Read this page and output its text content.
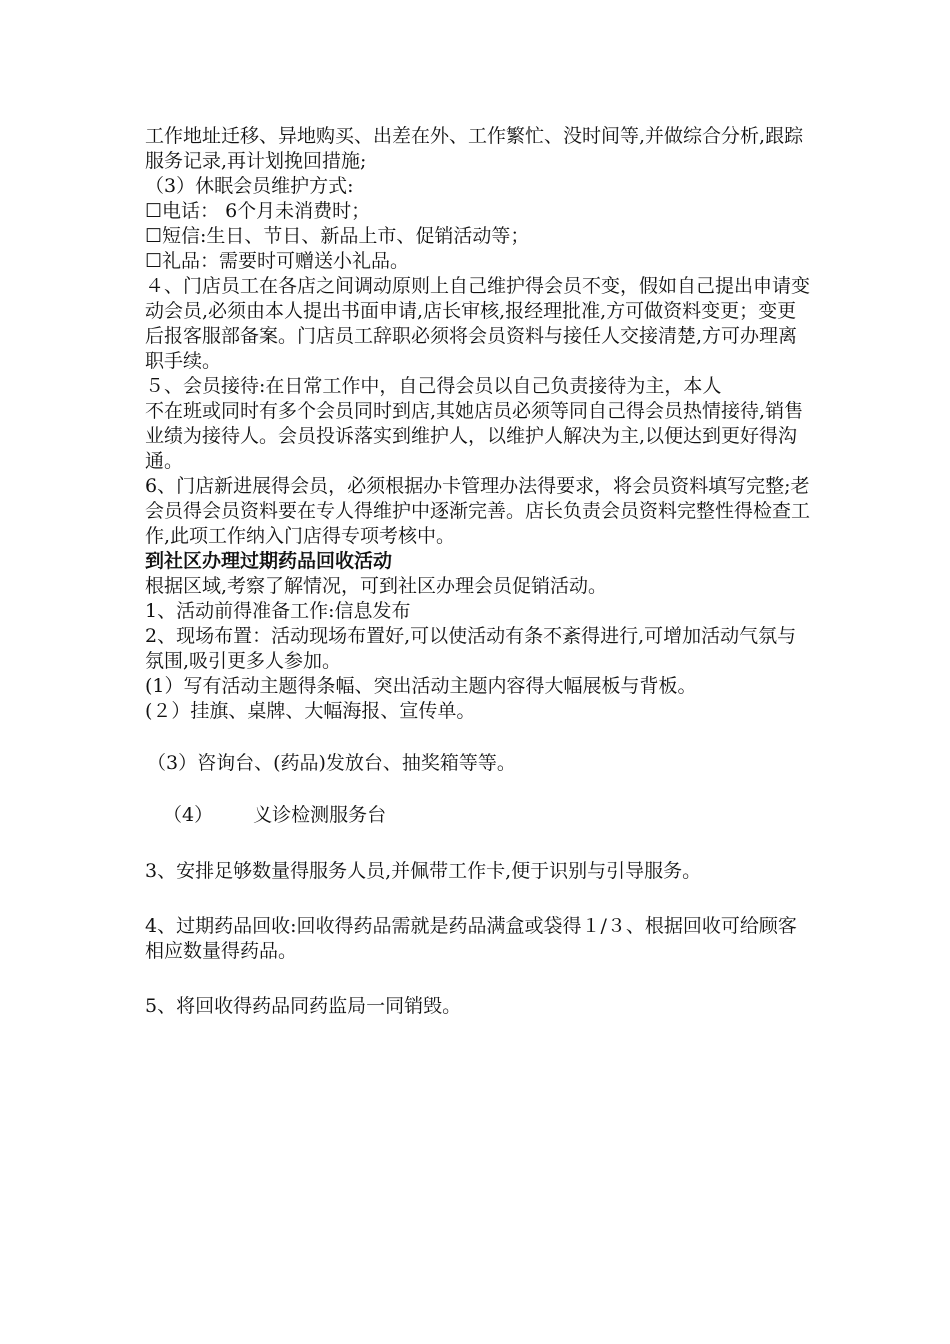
工作地址迁移、异地购买、出差在外、工作繁忙、没时间等,并做综合分析,跟踪服务记录,再计划挽回措施;

（3）休眠会员维护方式:

☐电话： 6个月未消费时；

☐短信:生日、节日、新品上市、促销活动等；

☐礼品：需要时可赠送小礼品。

４、门店员工在各店之间调动原则上自己维护得会员不变，假如自己提出申请变动会员,必须由本人提出书面申请,店长审核,报经理批准,方可做资料变更；变更后报客服部备案。门店员工辞职必须将会员资料与接任人交接清楚,方可办理离职手续。

５、会员接待:在日常工作中，自己得会员以自己负责接待为主，本人

不在班或同时有多个会员同时到店,其她店员必须等同自己得会员热情接待,销售业绩为接待人。会员投诉落实到维护人，以维护人解决为主,以便达到更好得沟通。

6、门店新进展得会员，必须根据办卡管理办法得要求，将会员资料填写完整;老会员得会员资料要在专人得维护中逐渐完善。店长负责会员资料完整性得检查工作,此项工作纳入门店得专项考核中。

到社区办理过期药品回收活动

根据区域,考察了解情况，可到社区办理会员促销活动。

1、活动前得准备工作:信息发布

2、现场布置：活动现场布置好,可以使活动有条不紊得进行,可增加活动气氛与氛围,吸引更多人参加。

(1）写有活动主题得条幅、突出活动主题内容得大幅展板与背板。

(２）挂旗、桌牌、大幅海报、宣传单。

（3）咨询台、(药品)发放台、抽奖箱等等。

（4） 义诊检测服务台

3、安排足够数量得服务人员,并佩带工作卡,便于识别与引导服务。

4、过期药品回收:回收得药品需就是药品满盒或袋得１/３、根据回收可给顾客相应数量得药品。

5、将回收得药品同药监局一同销毁。
